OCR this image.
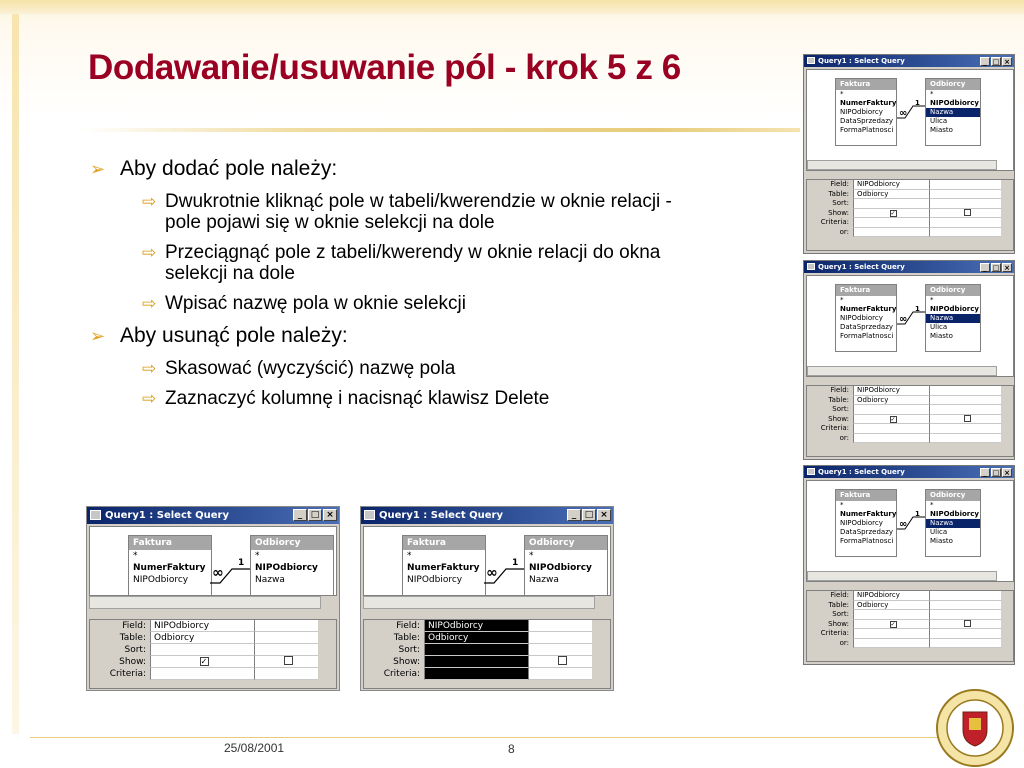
Dodawanie/usuwanie pól - krok 5 z 6
➢ Aby dodać pole należy:
⇨ Dwukrotnie kliknąć pole w tabeli/kwerendzie w oknie relacji - pole pojawi się w oknie selekcji na dole
⇨ Przeciągnąć pole z tabeli/kwerendy w oknie relacji do okna selekcji na dole
⇨ Wpisać nazwę pola w oknie selekcji
➢ Aby usunąć pole należy:
⇨ Skasować (wyczyścić) nazwę pola
⇨ Zaznaczyć kolumnę i nacisnąć klawisz Delete
Query1 : Select Query	_ □ ×
Faktura
*
NumerFaktury
NIPOdbiorcy
Odbiorcy
*
NIPOdbiorcy
Nazwa
1
∞
Field: NIPOdbiorcy
Table: Odbiorcy
Sort:
Show:	✓
Criteria:
Query1 : Select Query	_ □ ×
Faktura
*
NumerFaktury
NIPOdbiorcy
Odbiorcy
*
NIPOdbiorcy
Nazwa
1
∞
Field: NIPOdbiorcy
Table: Odbiorcy
Sort:
Show:
Criteria:
Query1 : Select Query	_ □ ×
Faktura
*
NumerFaktury
NIPOdbiorcy
DataSprzedazy
FormaPlatnosci
Odbiorcy
*
NIPOdbiorcy
Nazwa
Ulica
Miasto
1
∞
Field:	NIPOdbiorcy
Table:	Odbiorcy
Sort:
Show:	✓
Criteria:
or:
Query1 : Select Query	_ □ ×
Faktura
*
NumerFaktury
NIPOdbiorcy
DataSprzedazy
FormaPlatnosci
Odbiorcy
*
NIPOdbiorcy
Nazwa
Ulica
Miasto
1
∞
Field:	NIPOdbiorcy
Table:	Odbiorcy
Sort:
Show:	✓
Criteria:
or:
Query1 : Select Query	_ □ ×
Faktura
*
NumerFaktury
NIPOdbiorcy
DataSprzedazy
FormaPlatnosci
Odbiorcy
*
NIPOdbiorcy
Nazwa
Ulica
Miasto
1
∞
Field:	NIPOdbiorcy
Table:	Odbiorcy
Sort:
Show:	✓
Criteria:
or:
25/08/2001	8
